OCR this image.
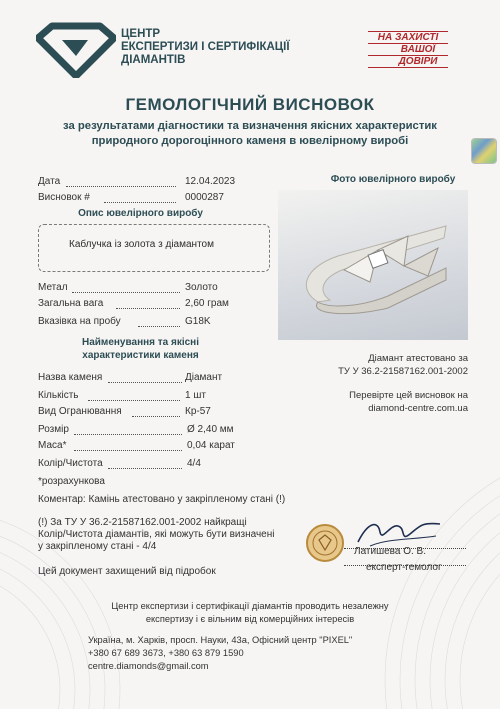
ЦЕНТР
ЕКСПЕРТИЗИ І СЕРТИФІКАЦІЇ
ДІАМАНТІВ
НА ЗАХИСТІ
ВАШОЇ
ДОВІРИ
ГЕМОЛОГІЧНИЙ ВИСНОВОК
за результатами діагностики та визначення якісних характеристик
природного дорогоцінного каменя в ювелірному виробі
Дата	12.04.2023
Висновок #	0000287
Опис ювелірного виробу
Каблучка із золота з діамантом
Метал	Золото
Загальна вага	2,60 грам
Вказівка на пробу	G18K
Найменування та якісні
характеристики каменя
Назва каменя	Діамант
Кількість	1 шт
Вид Огранювання	Кр-57
Розмір	Ø 2,40 мм
Маса*	0,04 карат
Колір/Чистота	4/4
*розрахункова
Фото ювелірного виробу
Діамант атестовано за
ТУ У 36.2-21587162.001-2002
Перевірте цей висновок на
diamond-centre.com.ua
Коментар: Камінь атестовано у закріпленому стані (!)
(!) За ТУ У 36.2-21587162.001-2002 найкращі
Колір/Чистота діамантів, які можуть бути визначені
у закріпленому стані - 4/4
Цей документ захищений від підробок
Латишева О. В.
експерт-гемолог
Центр експертизи і сертифікації діамантів проводить незалежну
експертизу і є вільним від комерційних інтересів
Україна, м. Харків, просп. Науки, 43а, Офісний центр "PIXEL"
+380 67 689 3673, +380 63 879 1590
centre.diamonds@gmail.com
